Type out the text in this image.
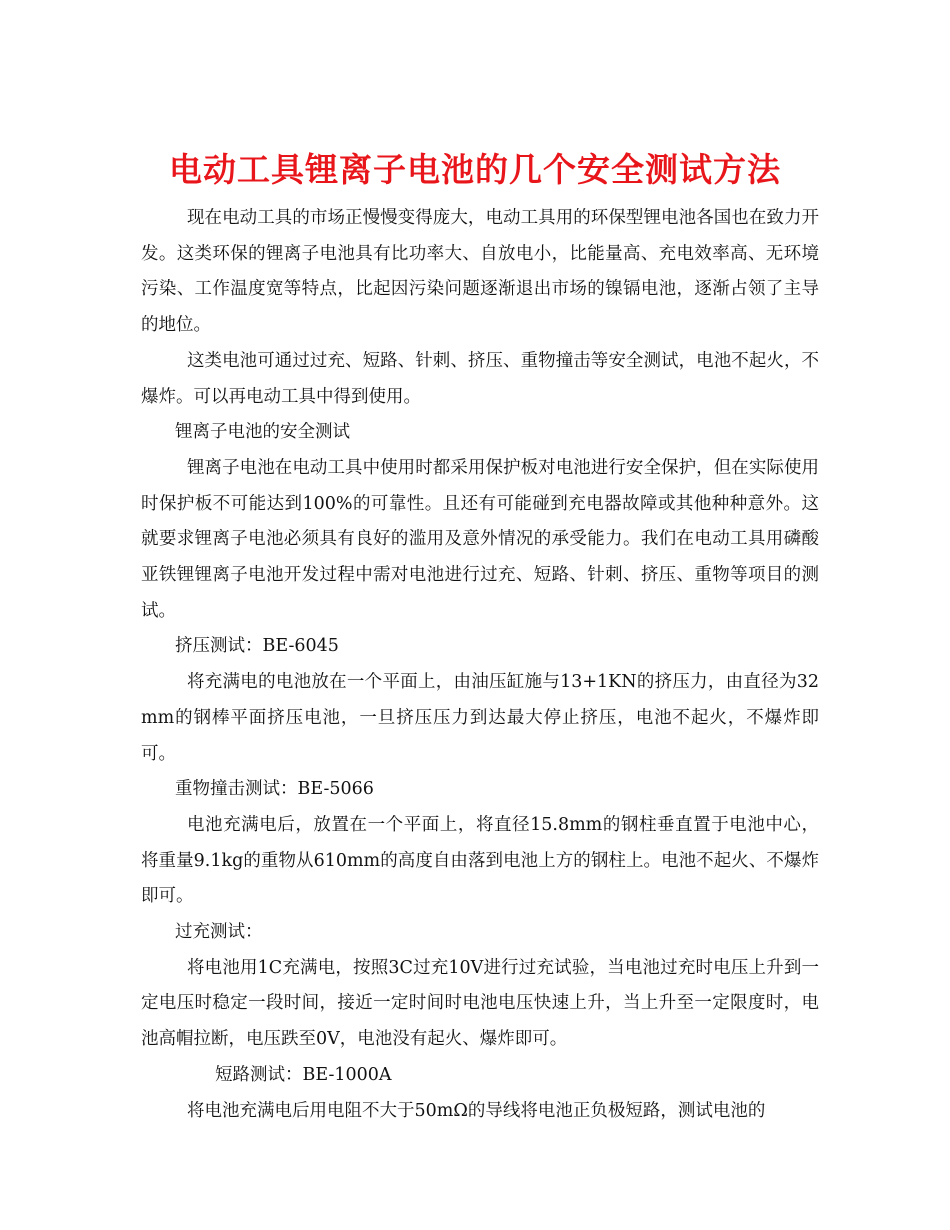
电动工具锂离子电池的几个安全测试方法

现在电动工具的市场正慢慢变得庞大，电动工具用的环保型锂电池各国也在致力开发。这类环保的锂离子电池具有比功率大、自放电小，比能量高、充电效率高、无环境污染、工作温度宽等特点，比起因污染问题逐渐退出市场的镍镉电池，逐渐占领了主导的地位。

这类电池可通过过充、短路、针刺、挤压、重物撞击等安全测试，电池不起火，不爆炸。可以再电动工具中得到使用。

锂离子电池的安全测试

锂离子电池在电动工具中使用时都采用保护板对电池进行安全保护，但在实际使用时保护板不可能达到100%的可靠性。且还有可能碰到充电器故障或其他种种意外。这就要求锂离子电池必须具有良好的滥用及意外情况的承受能力。我们在电动工具用磷酸亚铁锂锂离子电池开发过程中需对电池进行过充、短路、针刺、挤压、重物等项目的测试。

挤压测试：BE-6045

将充满电的电池放在一个平面上，由油压缸施与13+1KN的挤压力，由直径为32mm的钢棒平面挤压电池，一旦挤压压力到达最大停止挤压，电池不起火，不爆炸即可。

重物撞击测试：BE-5066

电池充满电后，放置在一个平面上，将直径15.8mm的钢柱垂直置于电池中心，将重量9.1kg的重物从610mm的高度自由落到电池上方的钢柱上。电池不起火、不爆炸即可。

过充测试：

将电池用1C充满电，按照3C过充10V进行过充试验，当电池过充时电压上升到一定电压时稳定一段时间，接近一定时间时电池电压快速上升，当上升至一定限度时，电池高帽拉断，电压跌至0V，电池没有起火、爆炸即可。

短路测试：BE-1000A

将电池充满电后用电阻不大于50mΩ的导线将电池正负极短路，测试电池的
